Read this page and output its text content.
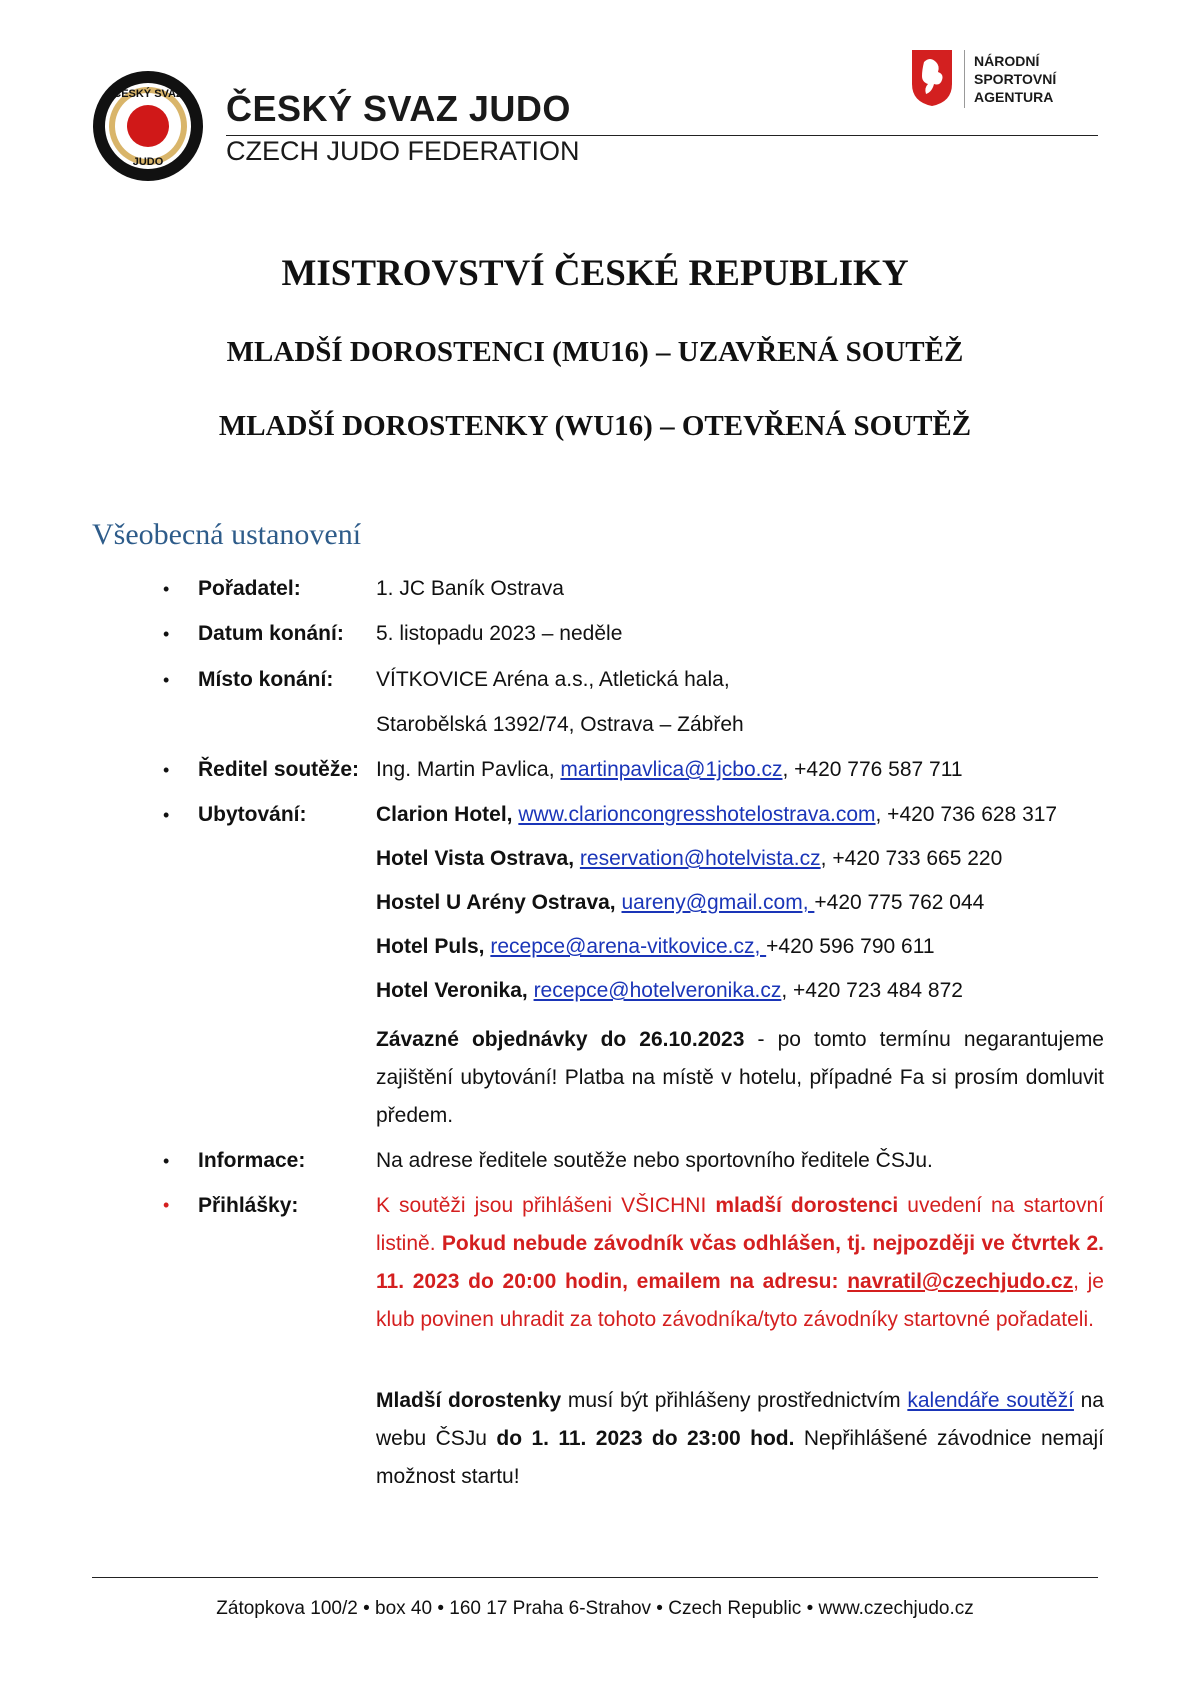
ČESKÝ SVAZ
JUDO
ČESKÝ SVAZ JUDO
CZECH JUDO FEDERATION
NÁRODNÍ
SPORTOVNÍ
AGENTURA
MISTROVSTVÍ ČESKÉ REPUBLIKY
MLADŠÍ DOROSTENCI (MU16) – UZAVŘENÁ SOUTĚŽ
MLADŠÍ DOROSTENKY (WU16) – OTEVŘENÁ SOUTĚŽ
Všeobecná ustanovení
• Pořadatel:	1. JC Baník Ostrava
• Datum konání: 5. listopadu 2023 – neděle
• Místo konání: VÍTKOVICE Aréna a.s., Atletická hala,
Starobělská 1392/74, Ostrava – Zábřeh
• Ředitel soutěže: Ing. Martin Pavlica, martinpavlica@1jcbo.cz, +420 776 587 711
• Ubytování:	Clarion Hotel, www.clarioncongresshotelostrava.com, +420 736 628 317
Hotel Vista Ostrava, reservation@hotelvista.cz, +420 733 665 220
Hostel U Arény Ostrava, uareny@gmail.com, +420 775 762 044
Hotel Puls, recepce@arena-vitkovice.cz, +420 596 790 611
Hotel Veronika, recepce@hotelveronika.cz, +420 723 484 872
Závazné objednávky do 26.10.2023 - po tomto termínu negarantujeme zajištění ubytování! Platba na místě v hotelu, případné Fa si prosím domluvit předem.
• Informace:	Na adrese ředitele soutěže nebo sportovního ředitele ČSJu.
• Přihlášky:	K soutěži jsou přihlášeni VŠICHNI mladší dorostenci uvedení na startovní listině. Pokud nebude závodník včas odhlášen, tj. nejpozději ve čtvrtek 2. 11. 2023 do 20:00 hodin, emailem na adresu: navratil@czechjudo.cz, je klub povinen uhradit za tohoto závodníka/tyto závodníky startovné pořadateli.
Mladší dorostenky musí být přihlášeny prostřednictvím kalendáře soutěží na webu ČSJu do 1. 11. 2023 do 23:00 hod. Nepřihlášené závodnice nemají možnost startu!
Zátopkova 100/2 • box 40 • 160 17 Praha 6-Strahov • Czech Republic • www.czechjudo.cz
